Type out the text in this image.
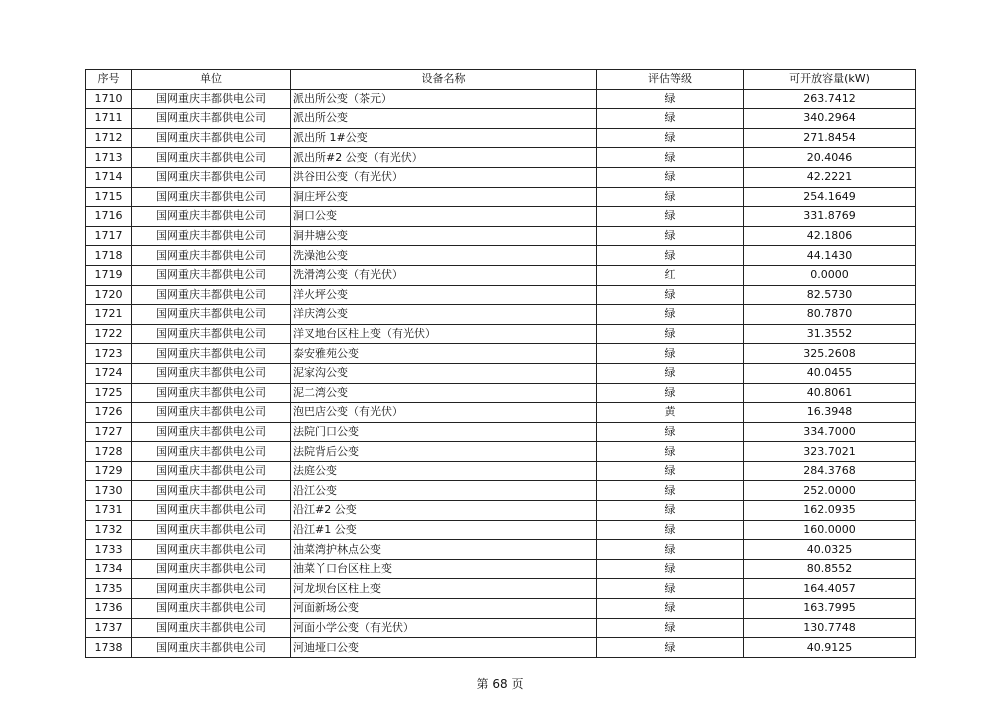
序号	单位	设备名称	评估等级	可开放容量(kW)
1710	国网重庆丰都供电公司	派出所公变（茶元）	绿	263.7412
1711	国网重庆丰都供电公司	派出所公变	绿	340.2964
1712	国网重庆丰都供电公司	派出所 1#公变	绿	271.8454
1713	国网重庆丰都供电公司	派出所#2 公变（有光伏）	绿	20.4046
1714	国网重庆丰都供电公司	洪谷田公变（有光伏）	绿	42.2221
1715	国网重庆丰都供电公司	洞庄坪公变	绿	254.1649
1716	国网重庆丰都供电公司	洞口公变	绿	331.8769
1717	国网重庆丰都供电公司	洞井塘公变	绿	42.1806
1718	国网重庆丰都供电公司	洗澡池公变	绿	44.1430
1719	国网重庆丰都供电公司	洗滑湾公变（有光伏）	红	0.0000
1720	国网重庆丰都供电公司	洋火坪公变	绿	82.5730
1721	国网重庆丰都供电公司	洋庆湾公变	绿	80.7870
1722	国网重庆丰都供电公司	洋叉地台区柱上变（有光伏）	绿	31.3552
1723	国网重庆丰都供电公司	泰安雅苑公变	绿	325.2608
1724	国网重庆丰都供电公司	泥家沟公变	绿	40.0455
1725	国网重庆丰都供电公司	泥二湾公变	绿	40.8061
1726	国网重庆丰都供电公司	泡巴店公变（有光伏）	黄	16.3948
1727	国网重庆丰都供电公司	法院门口公变	绿	334.7000
1728	国网重庆丰都供电公司	法院背后公变	绿	323.7021
1729	国网重庆丰都供电公司	法庭公变	绿	284.3768
1730	国网重庆丰都供电公司	沿江公变	绿	252.0000
1731	国网重庆丰都供电公司	沿江#2 公变	绿	162.0935
1732	国网重庆丰都供电公司	沿江#1 公变	绿	160.0000
1733	国网重庆丰都供电公司	油菜湾护林点公变	绿	40.0325
1734	国网重庆丰都供电公司	油菜丫口台区柱上变	绿	80.8552
1735	国网重庆丰都供电公司	河龙坝台区柱上变	绿	164.4057
1736	国网重庆丰都供电公司	河面新场公变	绿	163.7995
1737	国网重庆丰都供电公司	河面小学公变（有光伏）	绿	130.7748
1738	国网重庆丰都供电公司	河迪垭口公变	绿	40.9125
第 68 页
